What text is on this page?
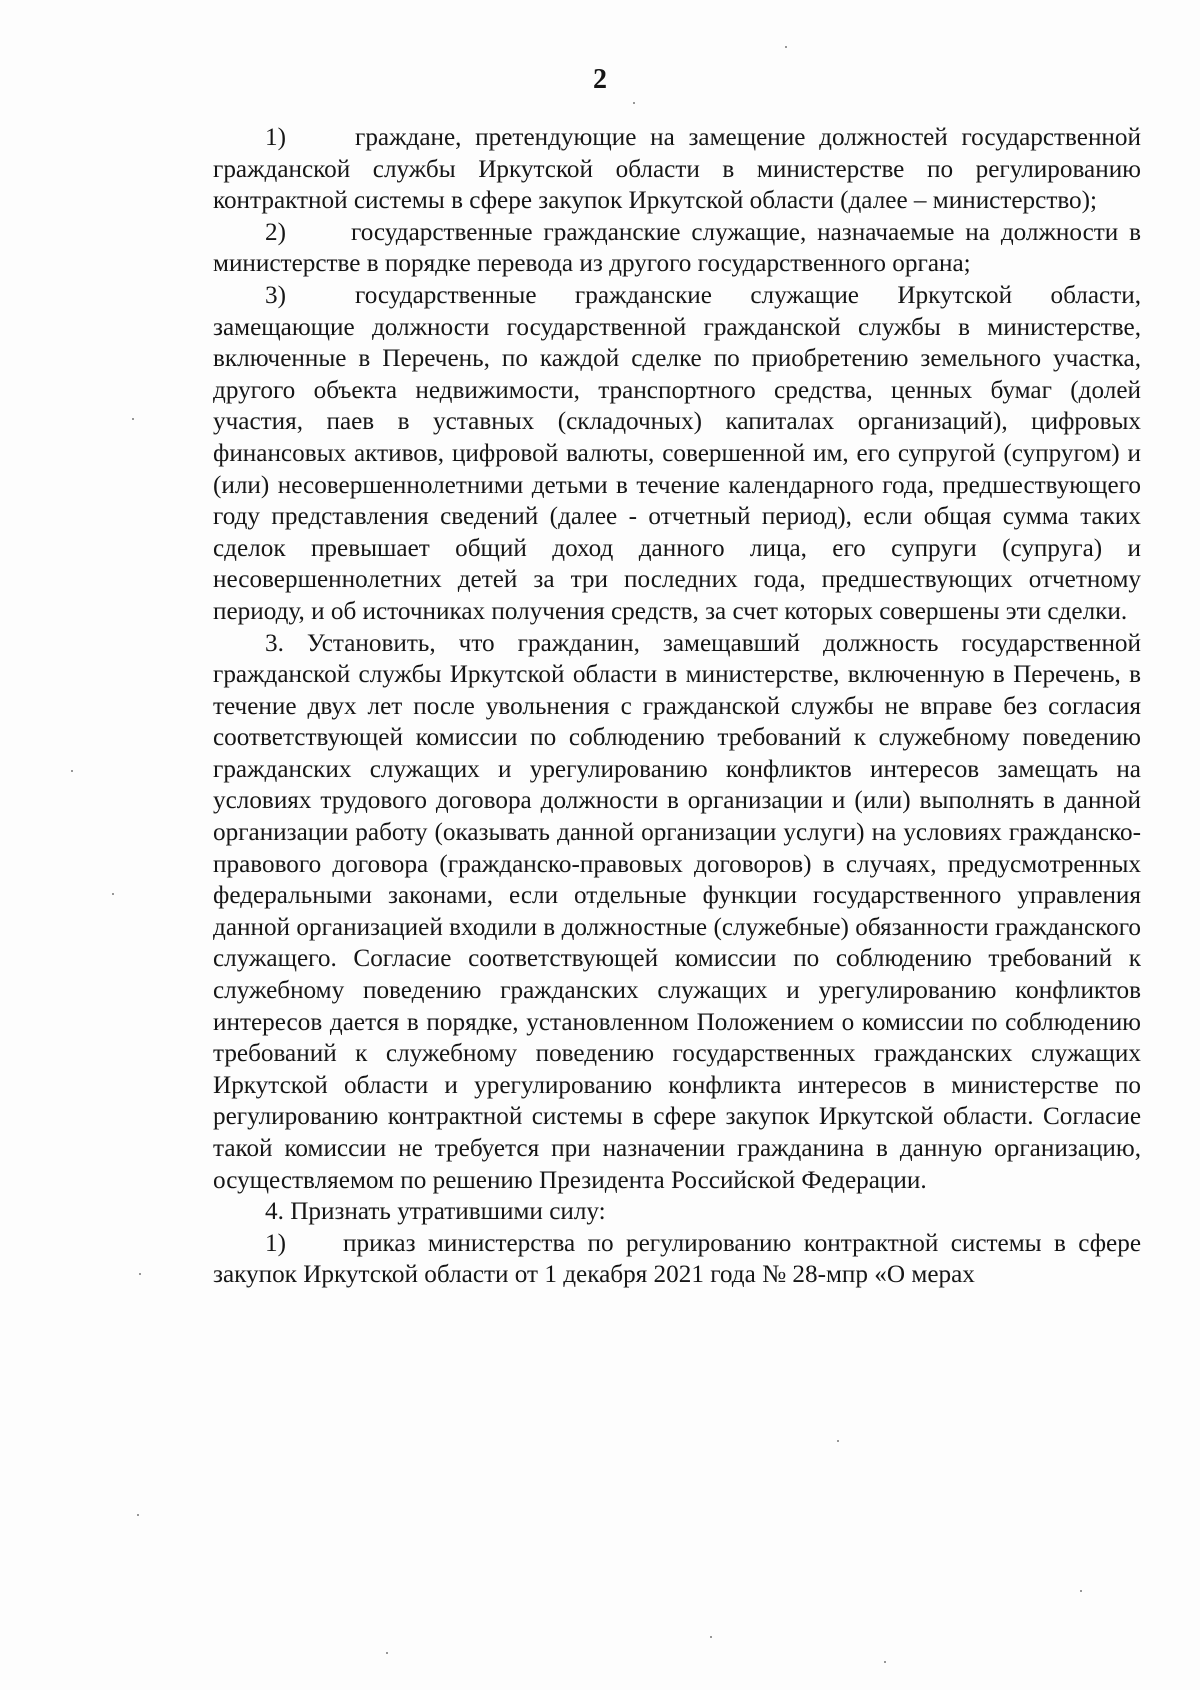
2

1)	граждане, претендующие на замещение должностей государственной гражданской службы Иркутской области в министерстве по регулированию контрактной системы в сфере закупок Иркутской области (далее – министерство);

2)	государственные гражданские служащие, назначаемые на должности в министерстве в порядке перевода из другого государственного органа;

3)	государственные гражданские служащие Иркутской области, замещающие должности государственной гражданской службы в министерстве, включенные в Перечень, по каждой сделке по приобретению земельного участка, другого объекта недвижимости, транспортного средства, ценных бумаг (долей участия, паев в уставных (складочных) капиталах организаций), цифровых финансовых активов, цифровой валюты, совершенной им, его супругой (супругом) и (или) несовершеннолетними детьми в течение календарного года, предшествующего году представления сведений (далее - отчетный период), если общая сумма таких сделок превышает общий доход данного лица, его супруги (супруга) и несовершеннолетних детей за три последних года, предшествующих отчетному периоду, и об источниках получения средств, за счет которых совершены эти сделки.

3. Установить, что гражданин, замещавший должность государственной гражданской службы Иркутской области в министерстве, включенную в Перечень, в течение двух лет после увольнения с гражданской службы не вправе без согласия соответствующей комиссии по соблюдению требований к служебному поведению гражданских служащих и урегулированию конфликтов интересов замещать на условиях трудового договора должности в организации и (или) выполнять в данной организации работу (оказывать данной организации услуги) на условиях гражданско-правового договора (гражданско-правовых договоров) в случаях, предусмотренных федеральными законами, если отдельные функции государственного управления данной организацией входили в должностные (служебные) обязанности гражданского служащего. Согласие соответствующей комиссии по соблюдению требований к служебному поведению гражданских служащих и урегулированию конфликтов интересов дается в порядке, установленном Положением о комиссии по соблюдению требований к служебному поведению государственных гражданских служащих Иркутской области и урегулированию конфликта интересов в министерстве по регулированию контрактной системы в сфере закупок Иркутской области. Согласие такой комиссии не требуется при назначении гражданина в данную организацию, осуществляемом по решению Президента Российской Федерации.

4. Признать утратившими силу:

1) приказ министерства по регулированию контрактной системы в сфере закупок Иркутской области от 1 декабря 2021 года № 28-мпр «О мерах
